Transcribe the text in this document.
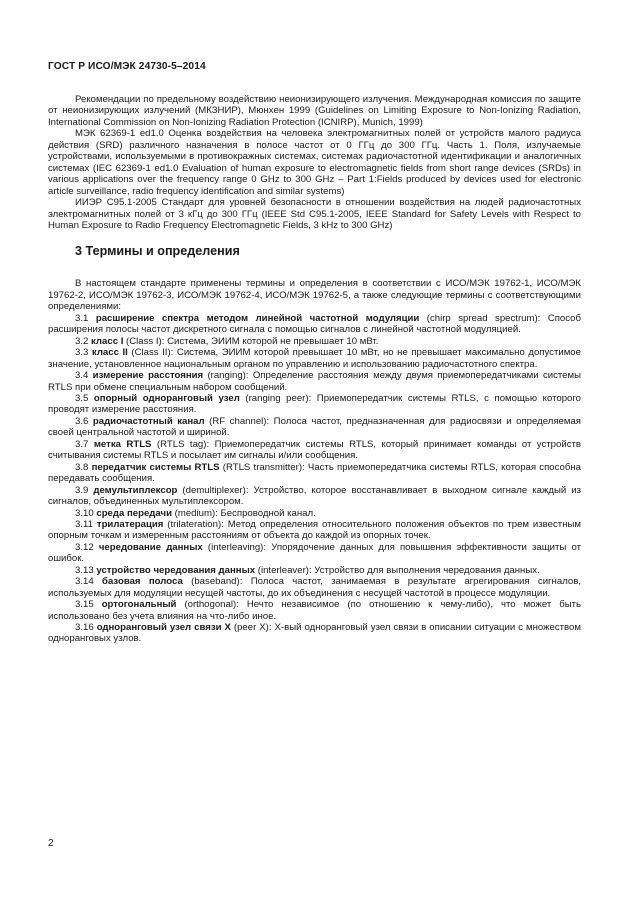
ГОСТ Р ИСО/МЭК 24730-5–2014

Рекомендации по предельному воздействию неионизирующего излучения. Международная комиссия по защите от неионизирующих излучений (МКЗНИР), Мюнхен 1999 (Guidelines on Limiting Exposure to Non-Ionizing Radiation, International Commission on Non-Ionizing Radiation Protection (ICNIRP), Munich, 1999)

МЭК 62369-1 ed1.0 Оценка воздействия на человека электромагнитных полей от устройств малого радиуса действия (SRD) различного назначения в полосе частот от 0 ГГц до 300 ГГц. Часть 1. Поля, излучаемые устройствами, используемыми в противокражных системах, системах радиочастотной идентификации и аналогичных системах (IEC 62369-1 ed1.0 Evaluation of human exposure to electromagnetic fields from short range devices (SRDs) in various applications over the frequency range 0 GHz to 300 GHz – Part 1:Fields produced by devices used for electronic article surveillance, radio frequency identification and similar systems)

ИИЭР C95.1-2005 Стандарт для уровней безопасности в отношении воздействия на людей радиочастотных электромагнитных полей от 3 кГц до 300 ГГц (IEEE Std C95.1-2005, IEEE Standard for Safety Levels with Respect to Human Exposure to Radio Frequency Electromagnetic Fields, 3 kHz to 300 GHz)

3 Термины и определения

В настоящем стандарте применены термины и определения в соответствии с ИСО/МЭК 19762-1, ИСО/МЭК 19762-2, ИСО/МЭК 19762-3, ИСО/МЭК 19762-4, ИСО/МЭК 19762-5, а также следующие термины с соответствующими определениями:

3.1 расширение спектра методом линейной частотной модуляции (chirp spread spectrum): Способ расширения полосы частот дискретного сигнала с помощью сигналов с линейной частотной модуляцией.

3.2 класс I (Class I): Система, ЭИИМ которой не превышает 10 мВт.

3.3 класс II (Class II): Система, ЭИИМ которой превышает 10 мВт, но не превышает максимально допустимое значение, установленное национальным органом по управлению и использованию радиочастотного спектра.

3.4 измерение расстояния (ranging): Определение расстояния между двумя приемопередатчиками системы RTLS при обмене специальным набором сообщений.

3.5 опорный одноранговый узел (ranging peer): Приемопередатчик системы RTLS, с помощью которого проводят измерение расстояния.

3.6 радиочастотный канал (RF channel): Полоса частот, предназначенная для радиосвязи и определяемая своей центральной частотой и шириной.

3.7 метка RTLS (RTLS tag): Приемопередатчик системы RTLS, который принимает команды от устройств считывания системы RTLS и посылает им сигналы и/или сообщения.

3.8 передатчик системы RTLS (RTLS transmitter): Часть приемопередатчика системы RTLS, которая способна передавать сообщения.

3.9 демультиплексор (demultiplexer): Устройство, которое восстанавливает в выходном сигнале каждый из сигналов, объединенных мультиплексором.

3.10 среда передачи (medium): Беспроводной канал.

3.11 трилатерация (trilateration): Метод определения относительного положения объектов по трем известным опорным точкам и измеренным расстояниям от объекта до каждой из опорных точек.

3.12 чередование данных (interleaving): Упорядочение данных для повышения эффективности защиты от ошибок.

3.13 устройство чередования данных (interleaver): Устройство для выполнения чередования данных.

3.14 базовая полоса (baseband): Полоса частот, занимаемая в результате агрегирования сигналов, используемых для модуляции несущей частоты, до их объединения с несущей частотой в процессе модуляции.

3.15 ортогональный (orthogonal): Нечто независимое (по отношению к чему-либо), что может быть использовано без учета влияния на что-либо иное.

3.16 одноранговый узел связи X (peer X): X-вый одноранговый узел связи в описании ситуации с множеством одноранговых узлов.

2
